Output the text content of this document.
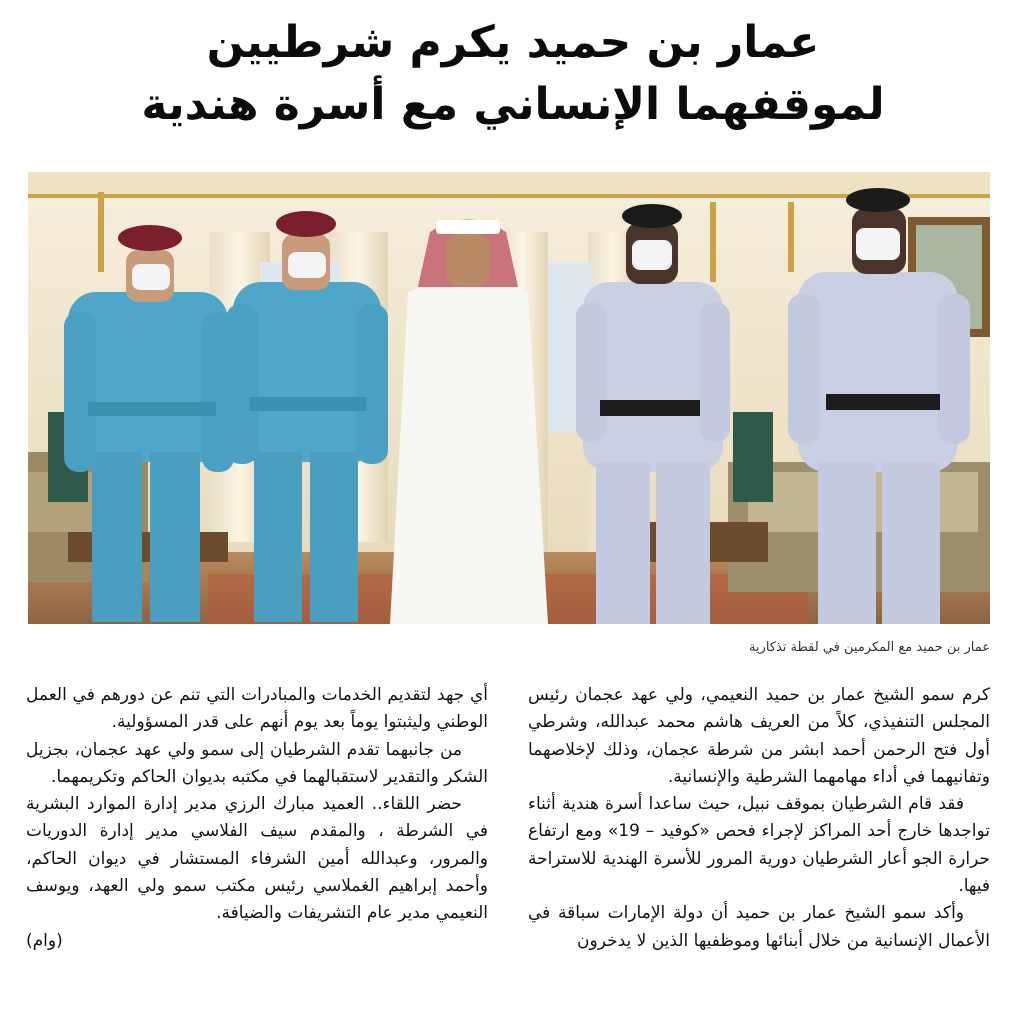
عمار بن حميد يكرم شرطيين
لموقفهما الإنساني مع أسرة هندية
عمار بن حميد مع المكرمين في لقطة تذكارية

كرم سمو الشيخ عمار بن حميد النعيمي، ولي عهد عجمان رئيس المجلس التنفيذي، كلاً من العريف هاشم محمد عبدالله، وشرطي أول فتح الرحمن أحمد ابشر من شرطة عجمان، وذلك لإخلاصهما وتفانيهما في أداء مهامهما الشرطية والإنسانية.

فقد قام الشرطيان بموقف نبيل، حيث ساعدا أسرة هندية أثناء تواجدها خارج أحد المراكز لإجراء فحص «كوفيد – 19» ومع ارتفاع حرارة الجو أعار الشرطيان دورية المرور للأسرة الهندية للاستراحة فيها.

وأكد سمو الشيخ عمار بن حميد أن دولة الإمارات سباقة في الأعمال الإنسانية من خلال أبنائها وموظفيها الذين لا يدخرون

أي جهد لتقديم الخدمات والمبادرات التي تنم عن دورهم في العمل الوطني وليثبتوا يوماً بعد يوم أنهم على قدر المسؤولية.

من جانبهما تقدم الشرطيان إلى سمو ولي عهد عجمان، بجزيل الشكر والتقدير لاستقبالهما في مكتبه بديوان الحاكم وتكريمهما.

حضر اللقاء.. العميد مبارك الرزي مدير إدارة الموارد البشرية في الشرطة ، والمقدم سيف الفلاسي مدير إدارة الدوريات والمرور، وعبدالله أمين الشرفاء المستشار في ديوان الحاكم، وأحمد إبراهيم الغملاسي رئيس مكتب سمو ولي العهد، ويوسف النعيمي مدير عام التشريفات والضيافة.

(وام)
